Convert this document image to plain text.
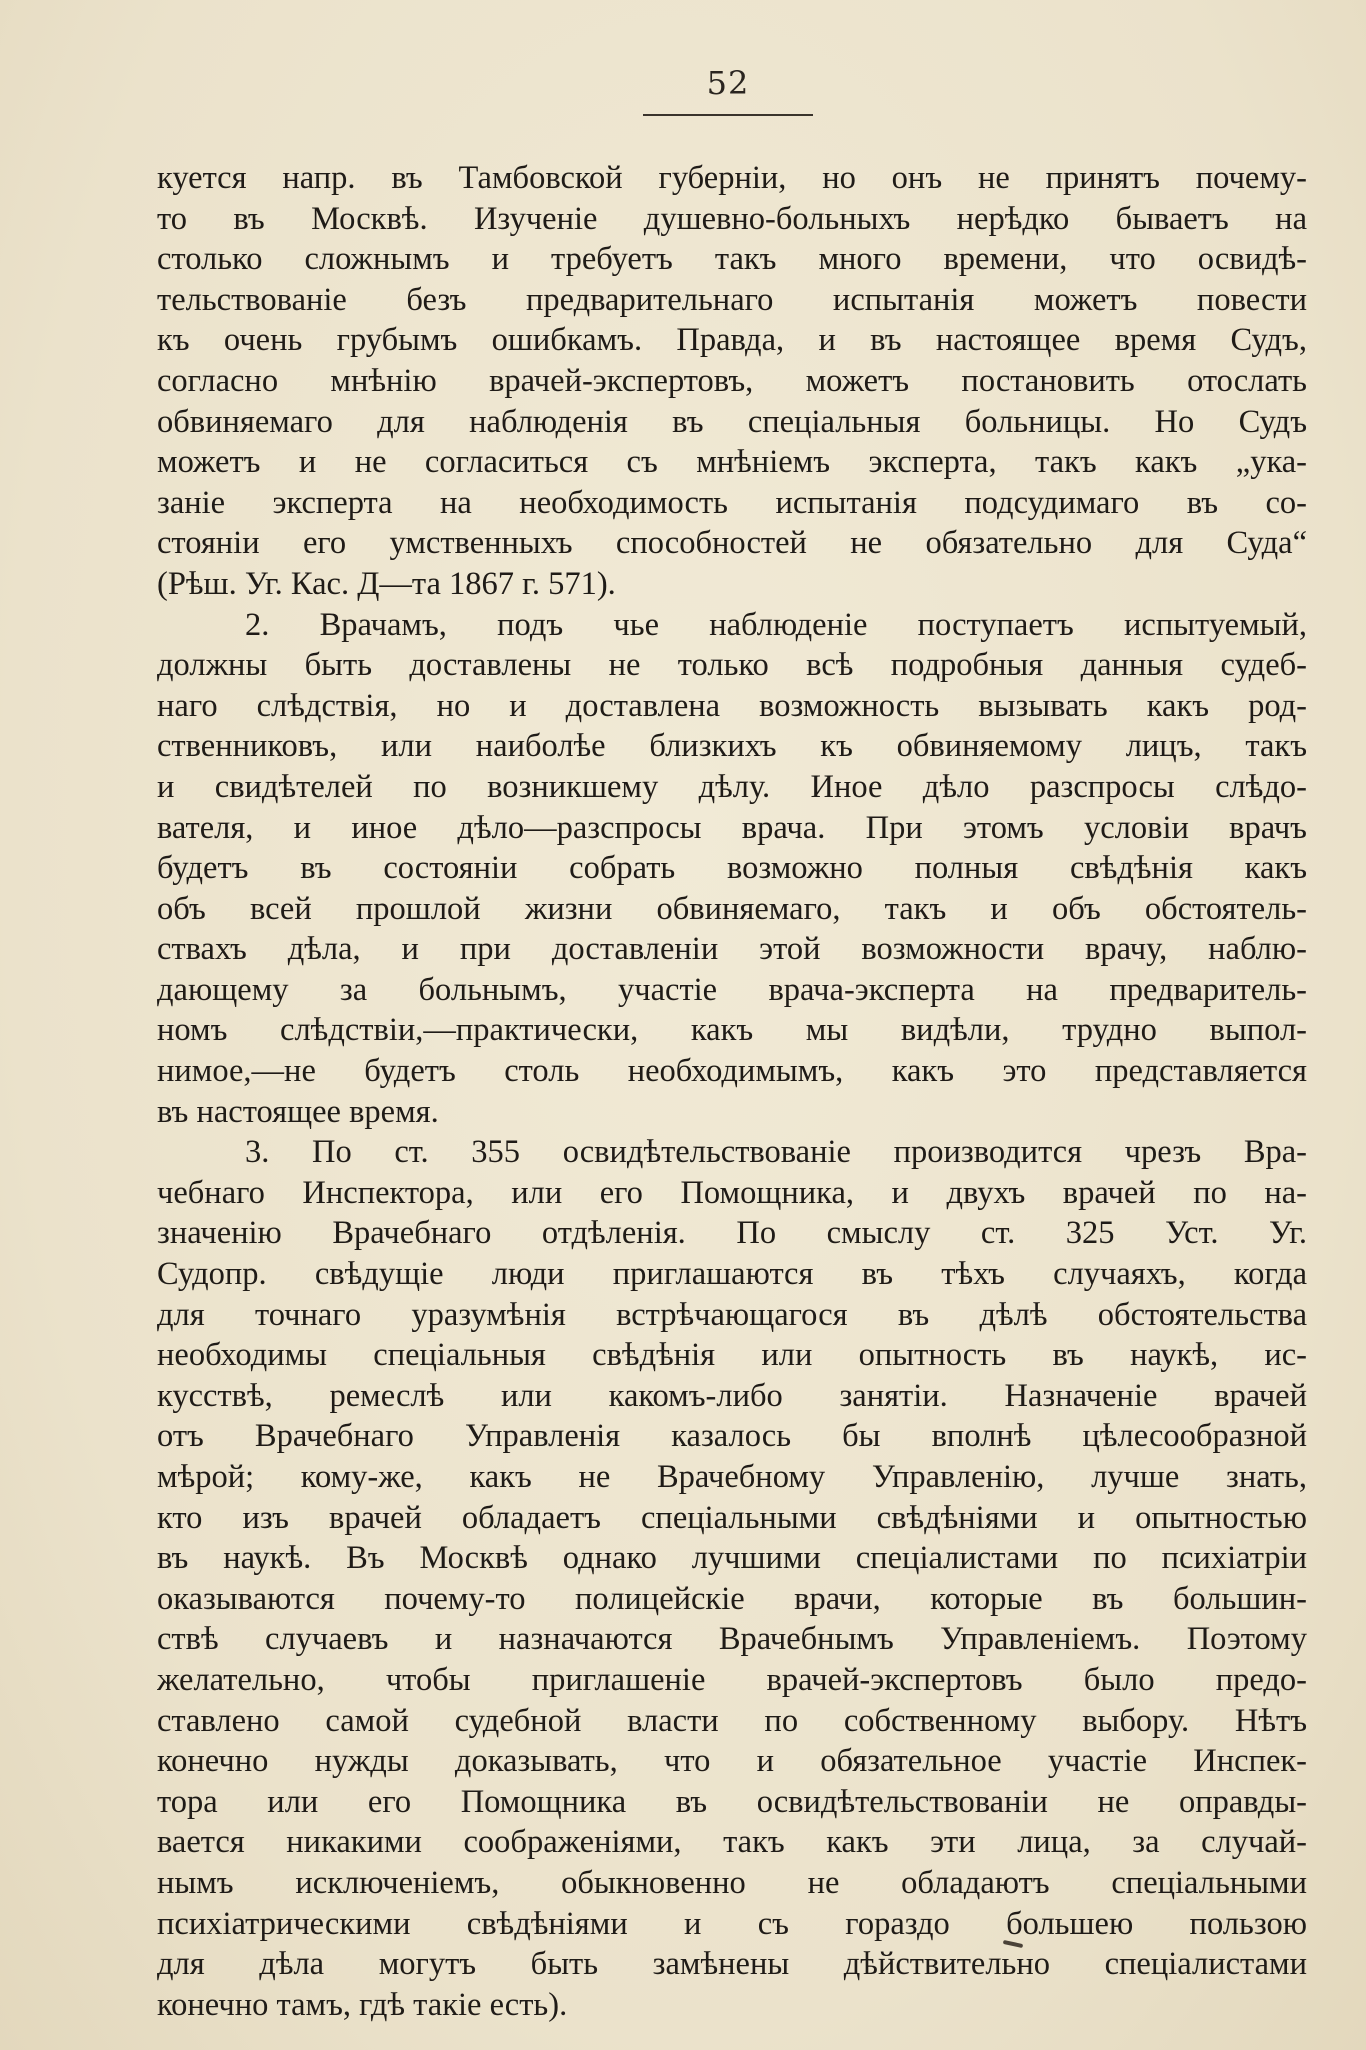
52
куется напр. въ Тамбовской губерніи, но онъ не принятъ почему-
то въ Москвѣ. Изученіе душевно-больныхъ нерѣдко бываетъ на
столько сложнымъ и требуетъ такъ много времени, что освидѣ-
тельствованіе безъ предварительнаго испытанія можетъ повести
къ очень грубымъ ошибкамъ. Правда, и въ настоящее время Судъ,
согласно мнѣнію врачей-экспертовъ, можетъ постановить отослать
обвиняемаго для наблюденія въ спеціальныя больницы. Но Судъ
можетъ и не согласиться съ мнѣніемъ эксперта, такъ какъ „ука-
заніе эксперта на необходимость испытанія подсудимаго въ со-
стояніи его умственныхъ способностей не обязательно для Суда“
(Рѣш. Уг. Кас. Д—та 1867 г. 571).
2. Врачамъ, подъ чье наблюденіе поступаетъ испытуемый,
должны быть доставлены не только всѣ подробныя данныя судеб-
наго слѣдствія, но и доставлена возможность вызывать какъ род-
ственниковъ, или наиболѣе близкихъ къ обвиняемому лицъ, такъ
и свидѣтелей по возникшему дѣлу. Иное дѣло разспросы слѣдо-
вателя, и иное дѣло—разспросы врача. При этомъ условіи врачъ
будетъ въ состояніи собрать возможно полныя свѣдѣнія какъ
объ всей прошлой жизни обвиняемаго, такъ и объ обстоятель-
ствахъ дѣла, и при доставленіи этой возможности врачу, наблю-
дающему за больнымъ, участіе врача-эксперта на предваритель-
номъ слѣдствіи,—практически, какъ мы видѣли, трудно выпол-
нимое,—не будетъ столь необходимымъ, какъ это представляется
въ настоящее время.
3. По ст. 355 освидѣтельствованіе производится чрезъ Вра-
чебнаго Инспектора, или его Помощника, и двухъ врачей по на-
значенію Врачебнаго отдѣленія. По смыслу ст. 325 Уст. Уг.
Судопр. свѣдущіе люди приглашаются въ тѣхъ случаяхъ, когда
для точнаго уразумѣнія встрѣчающагося въ дѣлѣ обстоятельства
необходимы спеціальныя свѣдѣнія или опытность въ наукѣ, ис-
кусствѣ, ремеслѣ или какомъ-либо занятіи. Назначеніе врачей
отъ Врачебнаго Управленія казалось бы вполнѣ цѣлесообразной
мѣрой; кому-же, какъ не Врачебному Управленію, лучше знать,
кто изъ врачей обладаетъ спеціальными свѣдѣніями и опытностью
въ наукѣ. Въ Москвѣ однако лучшими спеціалистами по психіатріи
оказываются почему-то полицейскіе врачи, которые въ большин-
ствѣ случаевъ и назначаются Врачебнымъ Управленіемъ. Поэтому
желательно, чтобы приглашеніе врачей-экспертовъ было предо-
ставлено самой судебной власти по собственному выбору. Нѣтъ
конечно нужды доказывать, что и обязательное участіе Инспек-
тора или его Помощника въ освидѣтельствованіи не оправды-
вается никакими соображеніями, такъ какъ эти лица, за случай-
нымъ исключеніемъ, обыкновенно не обладаютъ спеціальными
психіатрическими свѣдѣніями и съ гораздо большею пользою
для дѣла могутъ быть замѣнены дѣйствительно спеціалистами
конечно тамъ, гдѣ такіе есть).
